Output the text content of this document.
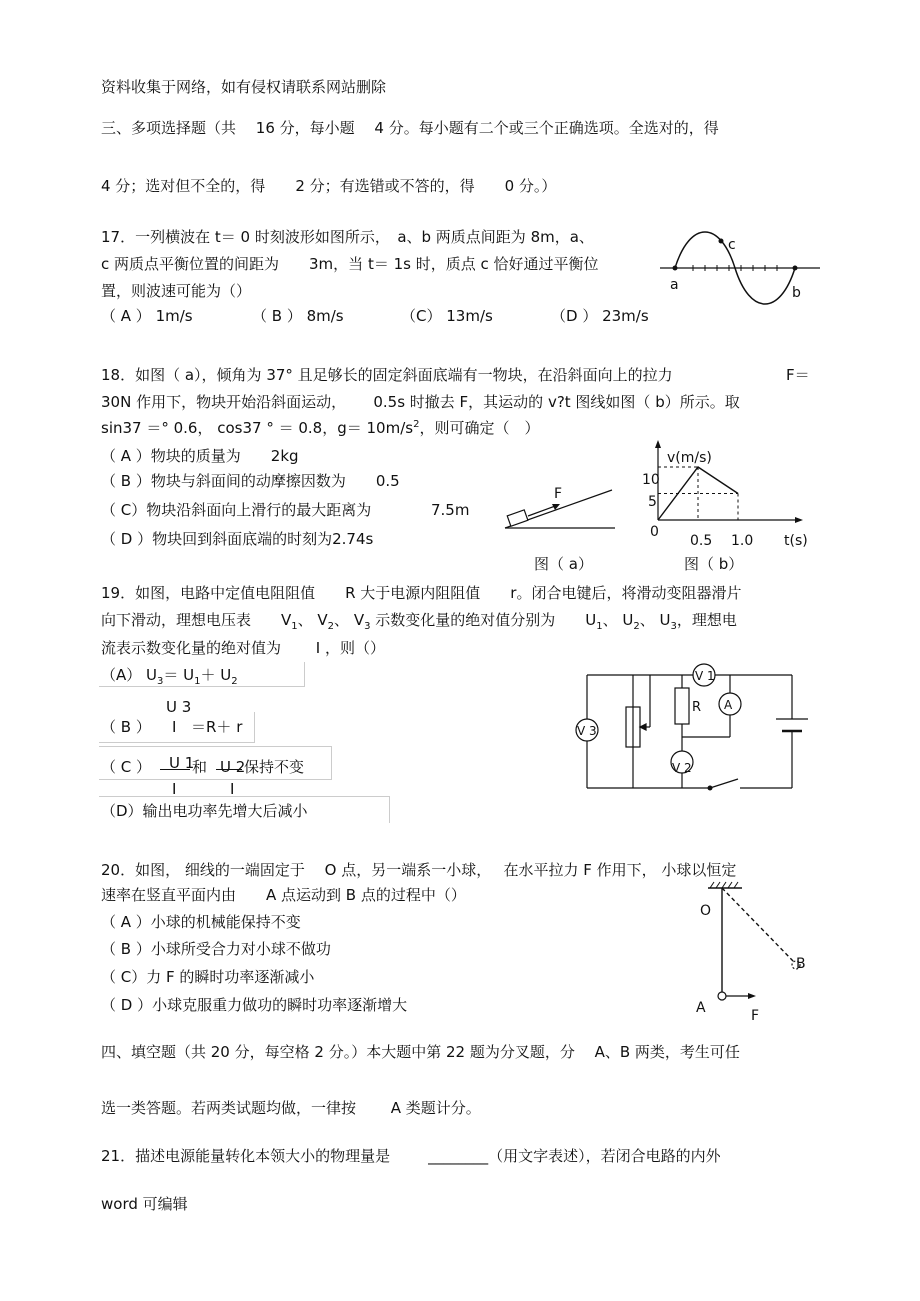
资料收集于网络，如有侵权请联系网站删除
三、多项选择题（共　 16 分，每小题　 4 分。每小题有二个或三个正确选项。全选对的，得
4 分；选对但不全的，得　　2 分；有选错或不答的，得　　0 分。）
17．一列横波在 t＝ 0 时刻波形如图所示，　a、b 两质点间距为 8m，a、
c 两质点平衡位置的间距为　　3m，当 t＝ 1s 时，质点 c 恰好通过平衡位
置，则波速可能为（）
（ A ） 1m/s	（ B ） 8m/s	（C） 13m/s	（D ） 23m/s
a	b
c
18．如图（ a），倾角为 37° 且足够长的固定斜面底端有一物块，在沿斜面向上的拉力	F＝
30N 作用下，物块开始沿斜面运动，　　 0.5s 时撤去 F，其运动的 v?t 图线如图（ b）所示。取
sin37 ＝° 0.6， cos37 ° ＝ 0.8，$g= 10m/s^2$，则可确定（　）
（ A ）物块的质量为　　2kg
（ B ）物块与斜面间的动摩擦因数为　　0.5
（ C）物块沿斜面向上滑行的最大距离为	7.5m
（ D ）物块回到斜面底端的时刻为2.74s
F
图（ a）
v(m/s)
10
5
0
0.5 1.0 t(s)
图（ b）
19．如图，电路中定值电阻阻值　　R 大于电源内阻阻值　　r。闭合电键后，将滑动变阻器滑片
向下滑动，理想电压表　　$V_1$、 $V_2$、 $V_3$ 示数变化量的绝对值分别为　　$U_1$、 $U_2$、 $U_3$，理想电
流表示数变化量的绝对值为　　 I ，则（）
（A） $U_3= U_1+ U_2$
（ B ）
U 3
I ＝R＋ r
（ C ） U 1
和 U 2
保持不变
I	I
（D）输出电功率先增大后减小
V 3
V 1
A
V 2
R
20．如图， 细线的一端固定于　 O 点，另一端系一小球，　 在水平拉力 F 作用下， 小球以恒定
速率在竖直平面内由　　A 点运动到 B 点的过程中（）
（ A ）小球的机械能保持不变
（ B ）小球所受合力对小球不做功
（ C）力 F 的瞬时功率逐渐减小
（ D ）小球克服重力做功的瞬时功率逐渐增大
O
A
B
F
四、填空题（共 20 分，每空格 2 分。）本大题中第 22 题为分叉题，分　 A、B 两类，考生可任
选一类答题。若两类试题均做，一律按　　 A 类题计分。
21．描述电源能量转化本领大小的物理量是	________（用文字表述），若闭合电路的内外
word 可编辑
